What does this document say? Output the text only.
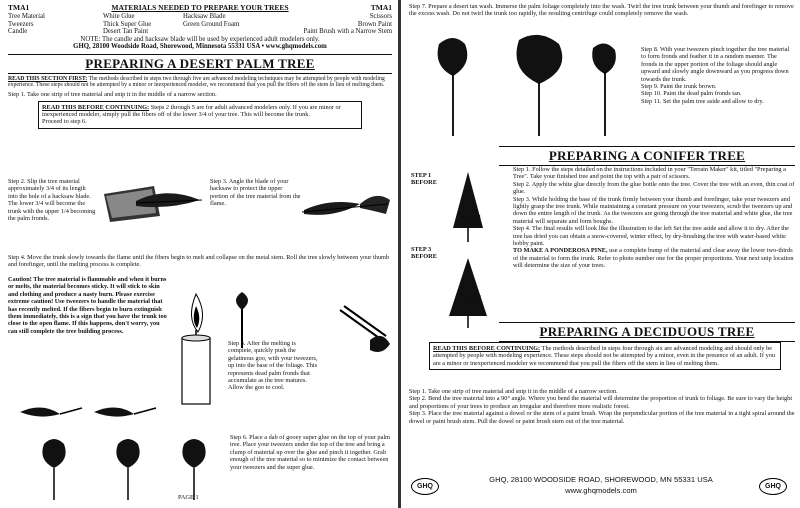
TMA1	MATERIALS NEEDED TO PREPARE YOUR TREES	TMA1
Tree Material	White Glue	Hacksaw Blade	Scissors
Tweezers	Thick Super Glue	Green Ground Foam	Brown Paint
Candle	Desert Tan Paint	Paint Brush with a Narrow Stem
NOTE: The candle and hacksaw blade will be used by experienced adult modelers only.
GHQ, 28100 Woodside Road, Shorewood, Minnesota 55331 USA • www.ghqmodels.com
PREPARING A DESERT PALM TREE
READ THIS SECTION FIRST: The methods described in steps two through five are advanced modeling techniques may be attempted by people with modeling experience. These steps should not be attempted by a minor or inexperienced modeler, we recommend that you pull the fibers off the stem in lieu of melting them.
Step 1. Take one strip of tree material and snip it in the middle of a narrow section.
READ THIS BEFORE CONTINUING: Steps 2 through 5 are for adult advanced modelers only. If you are minor or inexperienced modeler, simply pull the fibers off of the lower 3/4 of your tree. This will become the trunk.
Proceed to step 6.
Step 2. Slip the tree material approximately 3/4 of its length into the hole of a hacksaw blade. The lower 3/4 will become the trunk with the upper 1/4 becoming the palm fronds.
Step 3. Angle the blade of your hacksaw to protect the upper portion of the tree material from the flame.
Step 4. Move the trunk slowly towards the flame until the fibers begin to melt and collapse on the metal stem. Roll the tree slowly between your thumb and forefinger, until the melting process is complete.
Caution! The tree material is flammable and when it burns or melts, the material becomes sticky. It will stick to skin and clothing and produce a nasty burn. Please exercise extreme caution! Use tweezers to handle the material that has recently melted. If the fibers begin to burn extinguish them immediately, this is a sign that you have the trunk too close to the open flame. If this happens, don't worry, you can still complete the tree building process.
Step 5. After the melting is complete, quickly push the gelatinous goo, with your tweezers, up into the base of the foliage. This represents dead palm fronds that accumulate as the tree matures. Allow the goo to cool.
Step 6. Place a dab of gooey super glue on the top of your palm tree. Place your tweezers under the top of the tree and bring a clump of material up over the glue and pinch it together. Grab enough of the tree material so to minimize the contact between your tweezers and the super glue.
PAGE 1
Step 7. Prepare a desert tan wash. Immerse the palm foliage completely into the wash. Twirl the tree trunk between your thumb and forefinger to remove the excess wash. Do not twirl the trunk too rapidly, the resulting centrifuge could completely remove the wash.
Step 8. With your tweezers pinch together the tree material to form fronds and feather it in a random manner. The fronds in the upper portion of the foliage should angle upward and slowly angle downward as you progress down towards the trunk.
Step 9. Paint the trunk brown.
Step 10. Paint the dead palm fronds tan.
Step 11. Set the palm tree aside and allow to dry.
PREPARING A CONIFER TREE
STEP 1 BEFORE
STEP 1 AFTER
STEP 3 BEFORE
STEP 3 AFTER
Step 1. Follow the steps detailed on the instructions included in your "Terrain Maker" kit, titled "Preparing a Tree". Take your finished tree and point the top with a pair of scissors.
Step 2. Apply the white glue directly from the glue bottle onto the tree. Cover the tree with an even, thin coat of glue.
Step 3. While holding the base of the trunk firmly between your thumb and forefinger, take your tweezers and lightly grasp the tree trunk. While maintaining a constant pressure on your tweezers, scrub the tweezers up and down the entire length of the trunk. As the tweezers are going through the tree material and white glue, the tree material will separate and form boughs.
Step 4. The final results will look like the illustration to the left Set the tree aside and allow it to dry. After the tree has dried you can obtain a snow-covered, winter effect, by dry-brushing the tree with water-based white hobby paint.
TO MAKE A PONDEROSA PINE, use a complete bump of the material and clear away the lower two-thirds of the material to form the trunk. Refer to photo number one for the proper proportions. Your next snip location will determine the size of your trees.
PREPARING A DECIDUOUS TREE
READ THIS BEFORE CONTINUING: The methods described in steps four through six are advanced modeling and should only be attempted by people with modeling experience. These steps should not be attempted by a minor, even in the presence of an adult. If you are a minor or inexperienced modeler we recommend that you pull the fibers off the stem in lieu of melting them.
Step 1. Take one strip of tree material and snip it in the middle of a narrow section.
Step 2. Bend the tree material into a 90° angle. Where you bend the material will determine the proportion of trunk to foliage. Be sure to vary the height and proportions of your trees to produce an irregular and therefore more realistic forest.
Step 3. Place the tree material against a dowel or the stem of a paint brush. Wrap the perpendicular portion of the tree material in a tight spiral around the dowel or paint brush stem. Pull the dowel or paint brush stem out of the tree material.
GHQ
GHQ, 28100 WOODSIDE ROAD, SHOREWOOD, MN 55331 USA
www.ghqmodels.com	GHQ
